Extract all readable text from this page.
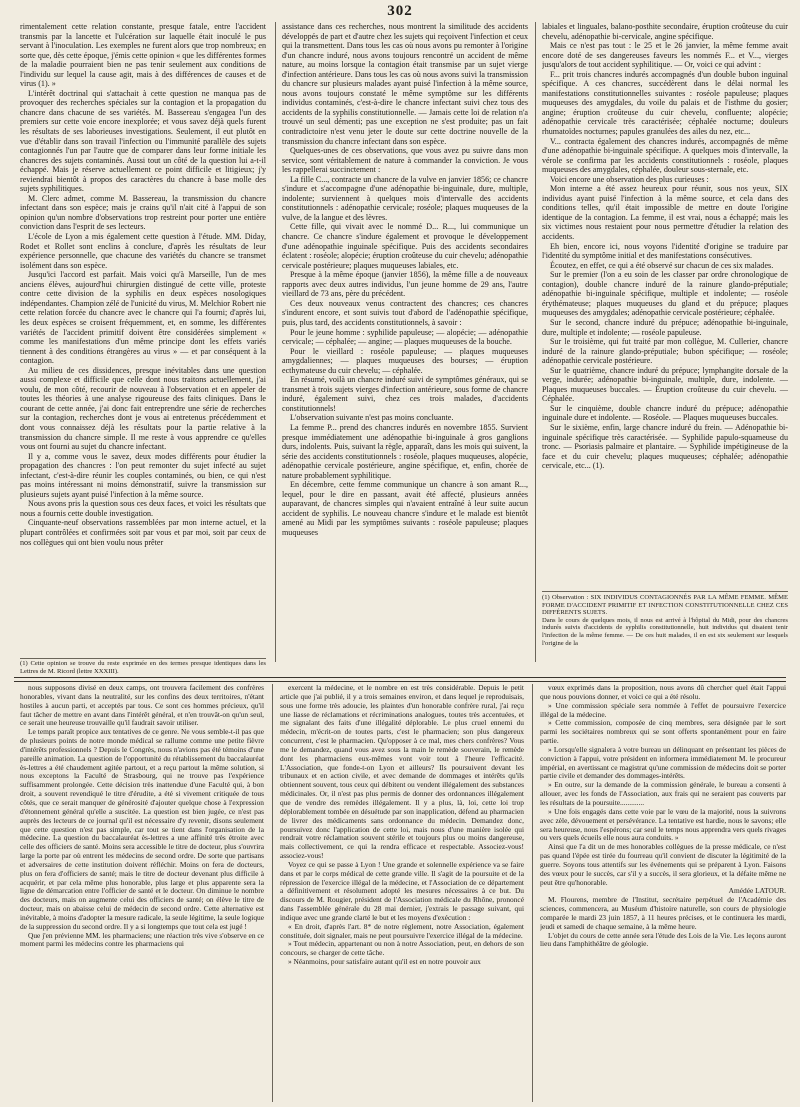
302

rimentalement cette relation constante, presque fatale, entre l'accident transmis par la lancette et l'ulcération sur laquelle était inoculé le pus servant à l'inoculation. Les exemples ne furent alors que trop nombreux; en sorte que, dès cette époque, j'émis cette opinion « que les différentes formes de la maladie pourraient bien ne pas tenir seulement aux conditions de l'individu sur lequel la cause agit, mais à des différences de causes et de virus (1). »

L'intérêt doctrinal qui s'attachait à cette question ne manqua pas de provoquer des recherches spéciales sur la contagion et la propagation du chancre dans chacune de ses variétés. M. Bassereau s'engagea l'un des premiers sur cette voie encore inexplorée; et vous savez déjà quels furent les résultats de ses laborieuses investigations. Seulement, il eut plutôt en vue d'établir dans son travail l'infection ou l'immunité parallèle des sujets contagionnés l'un par l'autre que de comparer dans leur forme initiale les chancres des sujets contaminés. Aussi tout un côté de la question lui a-t-il échappé. Mais je réserve actuellement ce point difficile et litigieux; j'y reviendrai bientôt à propos des caractères du chancre à base molle des sujets syphilitiques.

M. Clerc admet, comme M. Bassereau, la transmission du chancre infectant dans son espèce; mais je crains qu'il n'ait cité à l'appui de son opinion qu'un nombre d'observations trop restreint pour porter une entière conviction dans l'esprit de ses lecteurs.

L'école de Lyon a mis également cette question à l'étude. MM. Diday, Rodet et Rollet sont enclins à conclure, d'après les résultats de leur expérience personnelle, que chacune des variétés du chancre se transmet isolément dans son espèce.

Jusqu'ici l'accord est parfait. Mais voici qu'à Marseille, l'un de mes anciens élèves, aujourd'hui chirurgien distingué de cette ville, proteste contre cette division de la syphilis en deux espèces nosologiques indépendantes. Champion zélé de l'unicité du virus, M. Melchior Robert nie cette relation forcée du chancre avec le chancre qui l'a fourni; d'après lui, les deux espèces se croisent fréquemment, et, en somme, les différentes variétés de l'accident primitif doivent être considérées simplement « comme les manifestations d'un même principe dont les effets variés tiennent à des conditions étrangères au virus » — et par conséquent à la contagion.

Au milieu de ces dissidences, presque inévitables dans une question aussi complexe et difficile que celle dont nous traitons actuellement, j'ai voulu, de mon côté, recourir de nouveau à l'observation et en appeler de toutes les théories à une analyse rigoureuse des faits cliniques. Dans le courant de cette année, j'ai donc fait entreprendre une série de recherches sur la contagion, recherches dont je vous ai entretenus précédemment et dont vous connaissez déjà les résultats pour la partie relative à la transmission du chancre simple. Il me reste à vous apprendre ce qu'elles vous ont fourni au sujet du chancre infectant.

Il y a, comme vous le savez, deux modes différents pour étudier la propagation des chancres : l'on peut remonter du sujet infecté au sujet infectant, c'est-à-dire réunir les couples contaminés, ou bien, ce qui n'est pas moins intéressant ni moins démonstratif, suivre la transmission sur plusieurs sujets ayant puisé l'infection à la même source.

Nous avons pris la question sous ces deux faces, et voici les résultats que nous a fournis cette double investigation.

Cinquante-neuf observations rassemblées par mon interne actuel, et la plupart contrôlées et confirmées soit par vous et par moi, soit par ceux de nos collègues qui ont bien voulu nous prêter

assistance dans ces recherches, nous montrent la similitude des accidents développés de part et d'autre chez les sujets qui reçoivent l'infection et ceux qui la transmettent. Dans tous les cas où nous avons pu remonter à l'origine d'un chancre induré, nous avons toujours rencontré un accident de même nature, au moins lorsque la contagion était transmise par un sujet vierge d'infection antérieure. Dans tous les cas où nous avons suivi la transmission du chancre sur plusieurs malades ayant puisé l'infection à la même source, nous avons toujours constaté le même symptôme sur les différents individus contaminés, c'est-à-dire le chancre infectant suivi chez tous des accidents de la syphilis constitutionnelle. — Jamais cette loi de relation n'a trouvé un seul démenti; pas une exception ne s'est produite; pas un fait contradictoire n'est venu jeter le doute sur cette doctrine nouvelle de la transmission du chancre infectant dans son espèce.

Quelques-unes de ces observations, que vous avez pu suivre dans mon service, sont véritablement de nature à commander la conviction. Je vous les rappellerai succinctement :

La fille C..., contracte un chancre de la vulve en janvier 1856; ce chancre s'indure et s'accompagne d'une adénopathie bi-inguinale, dure, multiple, indolente; surviennent à quelques mois d'intervalle des accidents constitutionnels : adénopathie cervicale; roséole; plaques muqueuses de la vulve, de la langue et des lèvres.

Cette fille, qui vivait avec le nommé D... R..., lui communique un chancre. Ce chancre s'indure également et provoque le développement d'une adénopathie inguinale spécifique. Puis des accidents secondaires éclatent : roséole; alopécie; éruption croûteuse du cuir chevelu; adénopathie cervicale postérieure; plaques muqueuses labiales, etc.

Presque à la même époque (janvier 1856), la même fille a de nouveaux rapports avec deux autres individus, l'un jeune homme de 29 ans, l'autre vieillard de 73 ans, père du précédent.

Ces deux nouveaux venus contractent des chancres; ces chancres s'indurent encore, et sont suivis tout d'abord de l'adénopathie spécifique, puis, plus tard, des accidents constitutionnels, à savoir :

Pour le jeune homme : syphilide papuleuse; — alopécie; — adénopathie cervicale; — céphalée; — angine; — plaques muqueuses de la bouche.

Pour le vieillard : roséole papuleuse; — plaques muqueuses amygdaliennes; — plaques muqueuses des bourses; — éruption ecthymateuse du cuir chevelu; — céphalée.

En résumé, voilà un chancre induré suivi de symptômes généraux, qui se transmet à trois sujets vierges d'infection antérieure, sous forme de chancre induré, également suivi, chez ces trois malades, d'accidents constitutionnels!

L'observation suivante n'est pas moins concluante.

La femme P... prend des chancres indurés en novembre 1855. Survient presque immédiatement une adénopathie bi-inguinale à gros ganglions durs, indolents. Puis, suivant la règle, apparaît, dans les mois qui suivent, la série des accidents constitutionnels : roséole, plaques muqueuses, alopécie, adénopathie cervicale postérieure, angine spécifique, et, enfin, chorée de nature probablement syphilitique.

En décembre, cette femme communique un chancre à son amant R..., lequel, pour le dire en passant, avait été affecté, plusieurs années auparavant, de chancres simples qui n'avaient entraîné à leur suite aucun accident de syphilis. Le nouveau chancre s'indure et le malade est bientôt amené au Midi par les symptômes suivants : roséole papuleuse; plaques muqueuses

labiales et linguales, balano-posthite secondaire, éruption croûteuse du cuir chevelu, adénopathie bi-cervicale, angine spécifique.

Mais ce n'est pas tout : le 25 et le 26 janvier, la même femme avait encore doté de ses dangereuses faveurs les nommés F... et V..., vierges jusqu'alors de tout accident syphilitique. — Or, voici ce qui advint :

F... prit trois chancres indurés accompagnés d'un double bubon inguinal spécifique. A ces chancres, succédèrent dans le délai normal les manifestations constitutionnelles suivantes : roséole papuleuse; plaques muqueuses des amygdales, du voile du palais et de l'isthme du gosier; angine; éruption croûteuse du cuir chevelu, confluente; alopécie; adénopathie cervicale très caractérisée; céphalée nocturne; douleurs rhumatoïdes nocturnes; papules granulées des ailes du nez, etc...

V... contracta également des chancres indurés, accompagnés de même d'une adénopathie bi-inguinale spécifique. A quelques mois d'intervalle, la vérole se confirma par les accidents constitutionnels : roséole, plaques muqueuses des amygdales, céphalée, douleur sous-sternale, etc.

Voici encore une observation des plus curieuses :

Mon interne a été assez heureux pour réunir, sous nos yeux, SIX individus ayant puisé l'infection à la même source, et cela dans des conditions telles, qu'il était impossible de mettre en doute l'origine identique de la contagion. La femme, il est vrai, nous a échappé; mais les six victimes nous restaient pour nous permettre d'étudier la relation des accidents.

Eh bien, encore ici, nous voyons l'identité d'origine se traduire par l'identité du symptôme initial et des manifestations consécutives.

Écoutez, en effet, ce qui a été observé sur chacun de ces six malades.

Sur le premier (l'on a eu soin de les classer par ordre chronologique de contagion), double chancre induré de la rainure glando-préputiale; adénopathie bi-inguinale spécifique, multiple et indolente; — roséole érythémateuse; plaques muqueuses du gland et du prépuce; plaques muqueuses des amygdales; adénopathie cervicale postérieure; céphalée.

Sur le second, chancre induré du prépuce; adénopathie bi-inguinale, dure, multiple et indolente; — roséole papuleuse.

Sur le troisième, qui fut traité par mon collègue, M. Cullerier, chancre induré de la rainure glando-préputiale; bubon spécifique; — roséole; adénopathie cervicale postérieure.

Sur le quatrième, chancre induré du prépuce; lymphangite dorsale de la verge, indurée; adénopathie bi-inguinale, multiple, dure, indolente. — Plaques muqueuses buccales. — Éruption croûteuse du cuir chevelu. — Céphalée.

Sur le cinquième, double chancre induré du prépuce; adénopathie inguinale dure et indolente. — Roséole. — Plaques muqueuses buccales.

Sur le sixième, enfin, large chancre induré du frein. — Adénopathie bi-inguinale spécifique très caractérisée. — Syphilide papulo-squameuse du tronc. — Psoriasis palmaire et plantaire. — Syphilide impétigineuse de la face et du cuir chevelu; plaques muqueuses; céphalée; adénopathie cervicale, etc... (1).

(1) Cette opinion se trouve du reste exprimée en des termes presque identiques dans les Lettres de M. Ricord (lettre XXXIII).
(1) Observation : SIX INDIVIDUS CONTAGIONNÉS PAR LA MÊME FEMME. MÊME FORME D'ACCIDENT PRIMITIF ET INFECTION CONSTITUTIONNELLE CHEZ CES DIFFÉRENTS SUJETS.
Dans le cours de quelques mois, il nous est arrivé à l'hôpital du Midi, pour des chancres indurés suivis d'accidents de syphilis constitutionnelle, huit individus qui disaient tenir l'infection de la même femme. — De ces huit malades, il en est six seulement sur lesquels l'origine de la

nous supposons divisé en deux camps, ont trouvera facilement des confrères honorables, vivant dans la neutralité, sur les confins des deux territoires, n'étant hostiles à aucun parti, et acceptés par tous. Ce sont ces hommes précieux, qu'il faut tâcher de mettre en avant dans l'intérêt général, et n'en trouvât-on qu'un seul, ce serait une heureuse trouvaille qu'il faudrait savoir utiliser.

Le temps paraît propice aux tentatives de ce genre. Ne vous semble-t-il pas que de plusieurs points de notre monde médical se rallume comme une petite fièvre d'intérêts professionnels ? Depuis le Congrès, nous n'avions pas été témoins d'une pareille animation. La question de l'opportunité du rétablissement du baccalauréat ès-lettres a été chaudement agitée partout, et a reçu partout la même solution, si nous exceptons la Faculté de Strasbourg, qui ne trouve pas l'expérience suffisamment prolongée. Cette décision très inattendue d'une Faculté qui, à bon droit, a souvent revendiqué le titre d'érudite, a été si vivement critiquée de tous côtés, que ce serait manquer de générosité d'ajouter quelque chose à l'expression d'étonnement général qu'elle a suscitée. La question est bien jugée, ce n'est pas auprès des lecteurs de ce journal qu'il est nécessaire d'y revenir, disons seulement que cette question n'est pas simple, car tout se tient dans l'organisation de la médecine. La question du baccalauréat ès-lettres a une affinité très étroite avec celle des officiers de santé. Moins sera accessible le titre de docteur, plus s'ouvrira large la porte par où entrent les médecins de second ordre. De sorte que partisans et adversaires de cette institution doivent réfléchir. Moins on fera de docteurs, plus on fera d'officiers de santé; mais le titre de docteur devenant plus difficile à acquérir, et par cela même plus honorable, plus large et plus apparente sera la ligne de démarcation entre l'officier de santé et le docteur. On diminue le nombre des docteurs, mais on augmente celui des officiers de santé; on élève le titre de docteur, mais on abaisse celui de médecin de second ordre. Cette alternative est inévitable, à moins d'adopter la mesure radicale, la seule légitime, la seule logique de la suppression du second ordre. Il y a si longtemps que tout cela est jugé !

Que j'en prévienne MM. les pharmaciens; une réaction très vive s'observe en ce moment parmi les médecins contre les pharmaciens qui

exercent la médecine, et le nombre en est très considérable. Depuis le petit article que j'ai publié, il y a trois semaines environ, et dans lequel je reproduisais, sous une forme très adoucie, les plaintes d'un honorable confrère rural, j'ai reçu une liasse de réclamations et récriminations analogues, toutes très accentuées, et me signalant des faits d'une illégalité déplorable. Le plus cruel ennemi du médecin, m'écrit-on de toutes parts, c'est le pharmacien; son plus dangereux concurrent, c'est le pharmacien. Qu'opposer à ce mal, mes chers confrères? Vous me le demandez, quand vous avez sous la main le remède souverain, le remède dont les pharmaciens eux-mêmes vont voir tout à l'heure l'efficacité. L'Association, que fonde-t-on Lyon et ailleurs? Ils poursuivent devant les tribunaux et en action civile, et avec demande de dommages et intérêts qu'ils obtiennent souvent, tous ceux qui débitent ou vendent illégalement des substances médicinales. Or, il n'est pas plus permis de donner des ordonnances illégalement que de vendre des remèdes illégalement. Il y a plus, là, loi, cette loi trop déplorablement tombée en désuétude par son inapplication, défend au pharmacien de livrer des médicaments sans ordonnance du médecin. Demandez donc, poursuivez donc l'application de cette loi, mais nous d'une manière isolée qui rendrait votre réclamation souvent stérile et toujours plus ou moins dangereuse, mais collectivement, ce qui la rendra efficace et respectable. Associez-vous! associez-vous!

Voyez ce qui se passe à Lyon ! Une grande et solennelle expérience va se faire dans et par le corps médical de cette grande ville. Il s'agit de la poursuite et de la répression de l'exercice illégal de la médecine, et l'Association de ce département a définitivement et résolument adopté les mesures nécessaires à ce but. Du discours de M. Rougier, président de l'Association médicale du Rhône, prononcé dans l'assemblée générale du 28 mai dernier, j'extrais le passage suivant, qui indique avec une grande clarté le but et les moyens d'exécution :

« En droit, d'après l'art. 8* de notre règlement, notre Association, également constituée, doit signaler, mais ne peut poursuivre l'exercice illégal de la médecine.

» Tout médecin, appartenant ou non à notre Association, peut, en dehors de son concours, se charger de cette tâche.

» Néanmoins, pour satisfaire autant qu'il est en notre pouvoir aux

vœux exprimés dans la proposition, nous avons dû chercher quel était l'appui que nous pouvions donner, et voici ce qui a été résolu.

» Une commission spéciale sera nommée à l'effet de poursuivre l'exercice illégal de la médecine.

» Cette commission, composée de cinq membres, sera désignée par le sort parmi les sociétaires nombreux qui se sont offerts spontanément pour en faire partie.

» Lorsqu'elle signalera à votre bureau un délinquant en présentant les pièces de conviction à l'appui, votre président en informera immédiatement M. le procureur impérial, en avertissant ce magistrat qu'une commission de médecins doit se porter partie civile et demander des dommages-intérêts.

» En outre, sur la demande de la commission générale, le bureau a consenti à allouer, avec les fonds de l'Association, aux frais qui ne seraient pas couverts par les résultats de la poursuite.............

» Une fois engagés dans cette voie par le vœu de la majorité, nous la suivrons avec zèle, dévouement et persévérance. La tentative est hardie, nous le savons; elle sera heureuse, nous l'espérons; car seul le temps nous apprendra vers quels rivages ou vers quels écueils elle nous aura conduits. »

Ainsi que l'a dit un de mes honorables collègues de la presse médicale, ce n'est pas quand l'épée est tirée du fourreau qu'il convient de discuter la légitimité de la guerre. Soyons tous attentifs sur les événements qui se préparent à Lyon. Faisons des vœux pour le succès, car s'il y a succès, il sera glorieux, et la défaite même ne peut être qu'honorable.

Amédée LATOUR.

M. Flourens, membre de l'Institut, secrétaire perpétuel de l'Académie des sciences, commencera, au Muséum d'histoire naturelle, son cours de physiologie comparée le mardi 23 juin 1857, à 11 heures précises, et le continuera les mardi, jeudi et samedi de chaque semaine, à la même heure.

L'objet du cours de cette année sera l'étude des Lois de la Vie. Les leçons auront lieu dans l'amphithéâtre de géologie.
